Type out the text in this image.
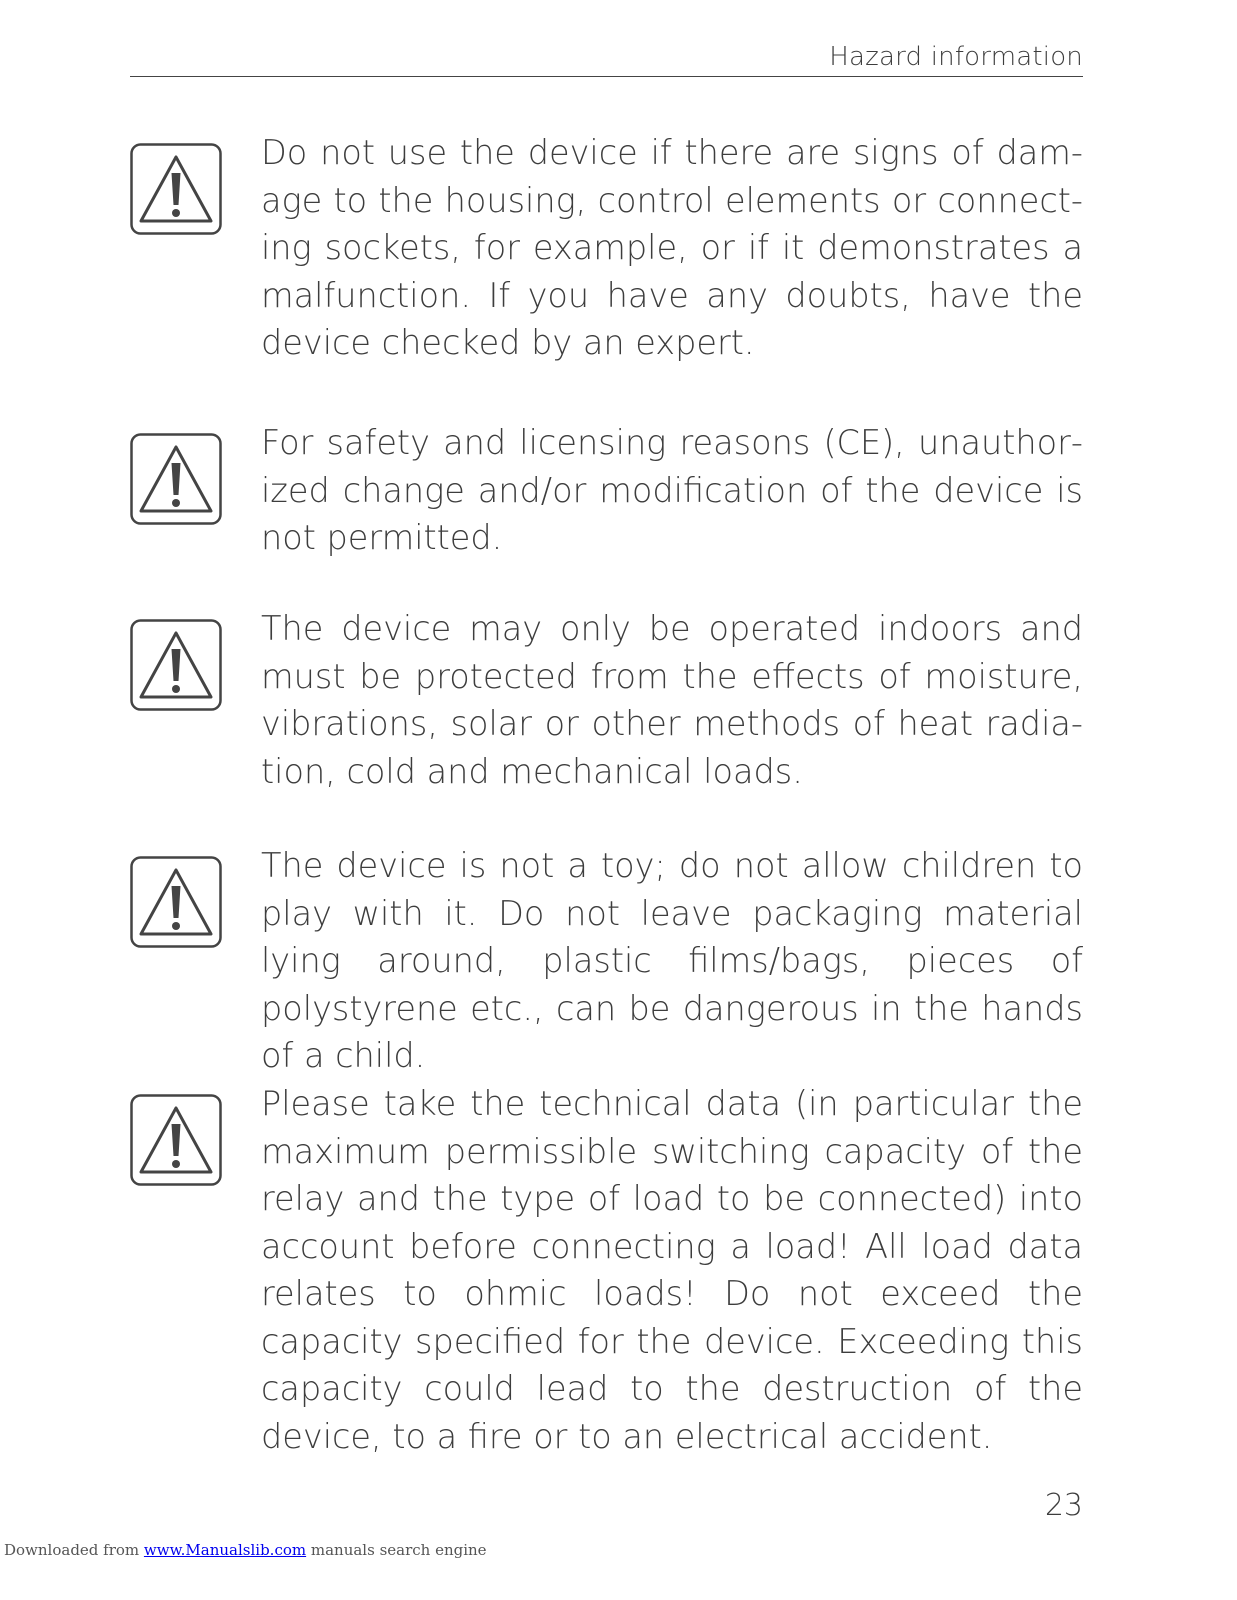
Hazard information
Do not use the device if there are signs of damage to the housing, control elements or connecting sockets, for example, or if it demonstrates a malfunction. If you have any doubts, have the device checked by an expert.
For safety and licensing reasons (CE), unauthorized change and/or modification of the device is not permitted.
The device may only be operated indoors and must be protected from the effects of moisture, vibrations, solar or other methods of heat radiation, cold and mechanical loads.
The device is not a toy; do not allow children to play with it. Do not leave packaging material lying around, plastic films/bags, pieces of polystyrene etc., can be dangerous in the hands of a child.
Please take the technical data (in particular the maximum permissible switching capacity of the relay and the type of load to be connected) into account before connecting a load! All load data relates to ohmic loads! Do not exceed the capacity specified for the device. Exceeding this capacity could lead to the destruction of the device, to a fire or to an electrical accident.
23
Downloaded from www.Manualslib.com manuals search engine
